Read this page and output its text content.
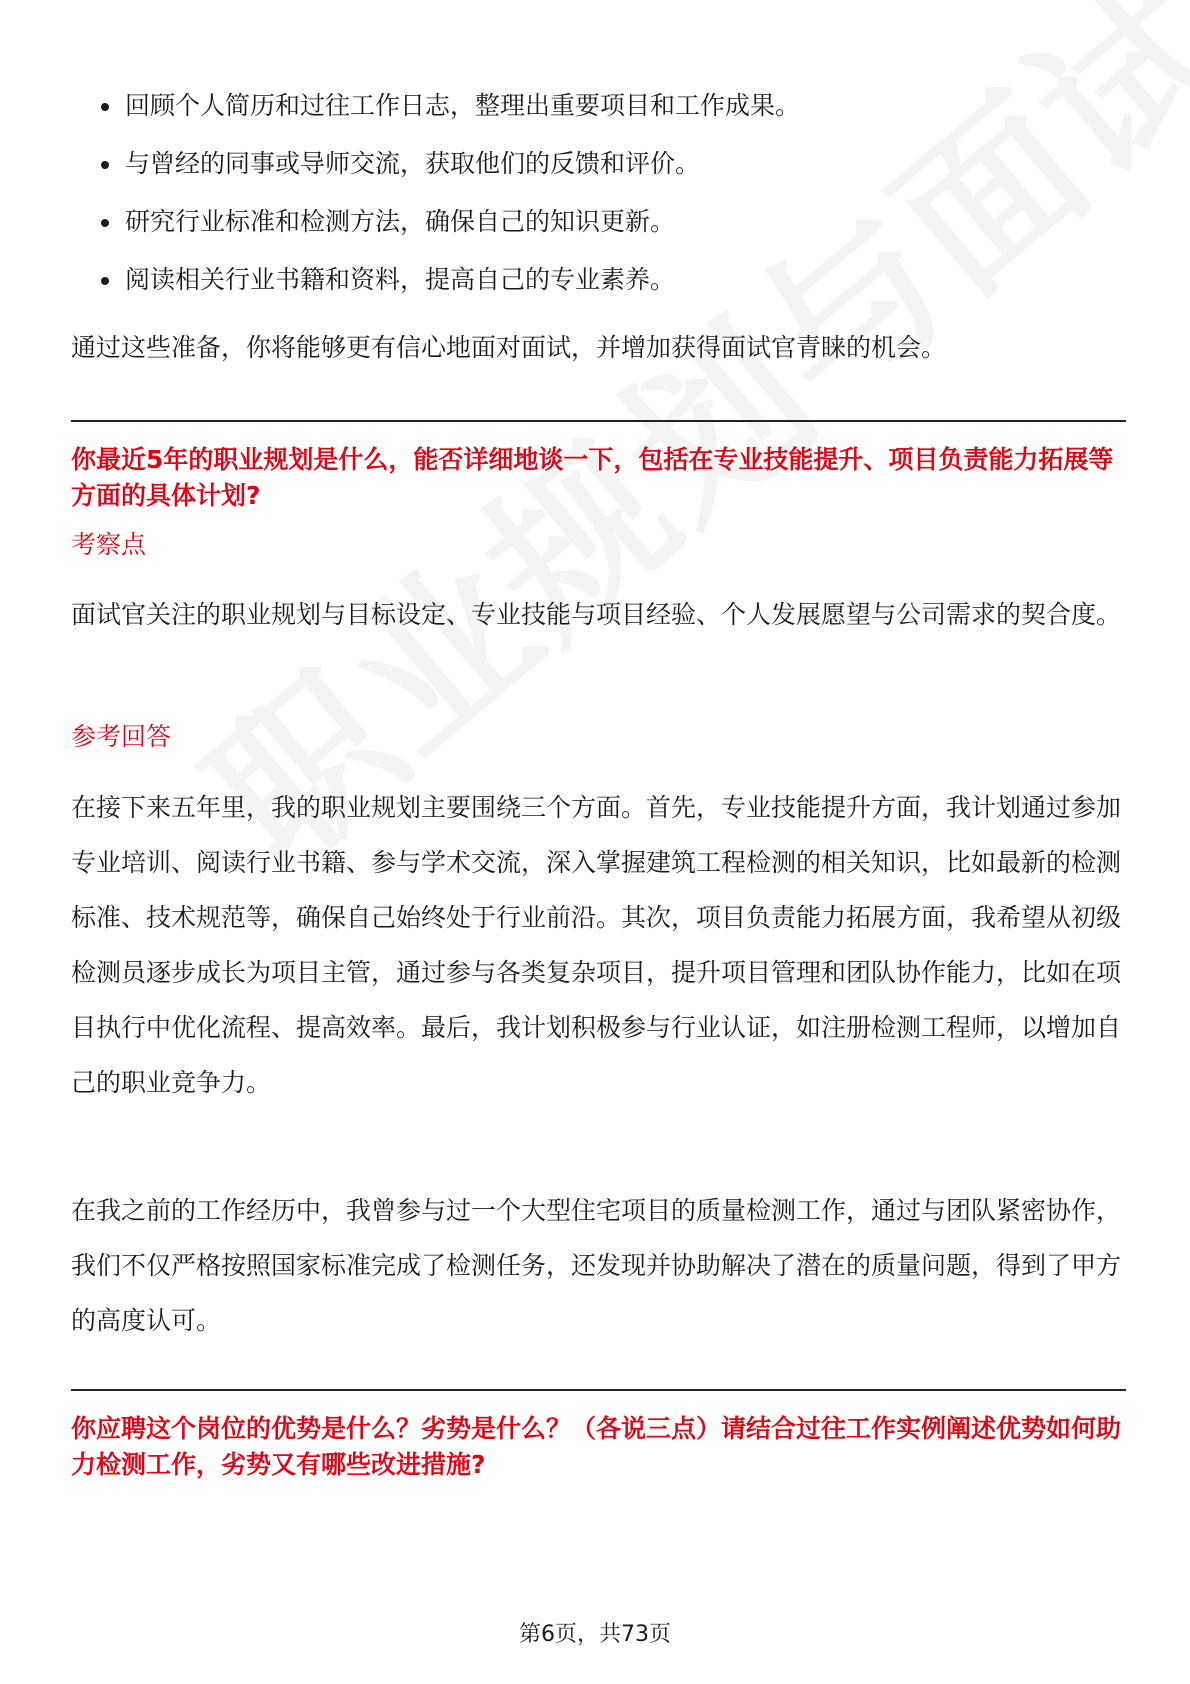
回顾个人简历和过往工作日志，整理出重要项目和工作成果。
与曾经的同事或导师交流，获取他们的反馈和评价。
研究行业标准和检测方法，确保自己的知识更新。
阅读相关行业书籍和资料，提高自己的专业素养。

通过这些准备，你将能够更有信心地面对面试，并增加获得面试官青睐的机会。

你最近5年的职业规划是什么，能否详细地谈一下，包括在专业技能提升、项目负责能力拓展等方面的具体计划?

考察点

面试官关注的职业规划与目标设定、专业技能与项目经验、个人发展愿望与公司需求的契合度。

参考回答

在接下来五年里，我的职业规划主要围绕三个方面。首先，专业技能提升方面，我计划通过参加专业培训、阅读行业书籍、参与学术交流，深入掌握建筑工程检测的相关知识，比如最新的检测标准、技术规范等，确保自己始终处于行业前沿。其次，项目负责能力拓展方面，我希望从初级检测员逐步成长为项目主管，通过参与各类复杂项目，提升项目管理和团队协作能力，比如在项目执行中优化流程、提高效率。最后，我计划积极参与行业认证，如注册检测工程师，以增加自己的职业竞争力。

在我之前的工作经历中，我曾参与过一个大型住宅项目的质量检测工作，通过与团队紧密协作，我们不仅严格按照国家标准完成了检测任务，还发现并协助解决了潜在的质量问题，得到了甲方的高度认可。

你应聘这个岗位的优势是什么？劣势是什么？（各说三点）请结合过往工作实例阐述优势如何助力检测工作，劣势又有哪些改进措施?

第6页，共73页
